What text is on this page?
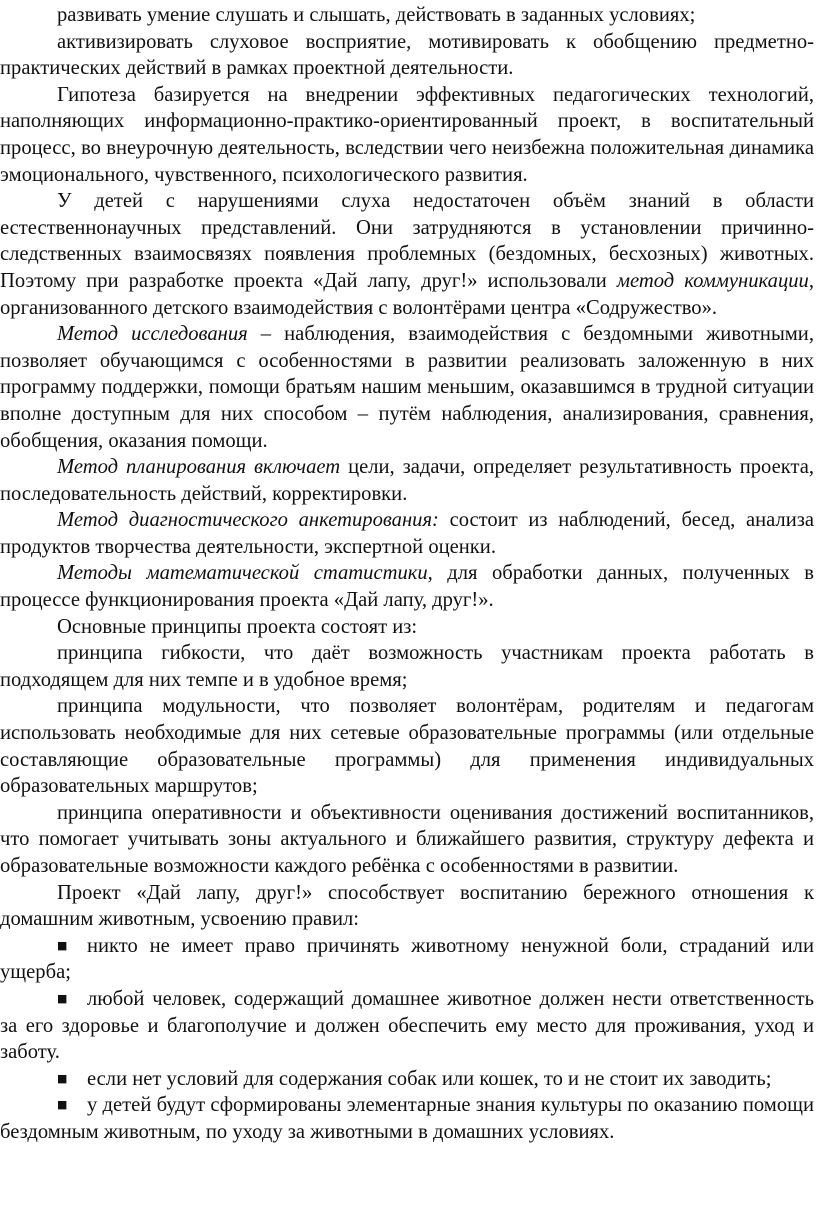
развивать умение слушать и слышать, действовать в заданных условиях;

активизировать слуховое восприятие, мотивировать к обобщению предметно-практических действий в рамках проектной деятельности.

Гипотеза базируется на внедрении эффективных педагогических технологий, наполняющих информационно-практико-ориентированный проект, в воспитательный процесс, во внеурочную деятельность, вследствии чего неизбежна положительная динамика эмоционального, чувственного, психологического развития.

У детей с нарушениями слуха недостаточен объём знаний в области естественнонаучных представлений. Они затрудняются в установлении причинно-следственных взаимосвязях появления проблемных (бездомных, бесхозных) животных. Поэтому при разработке проекта «Дай лапу, друг!» использовали метод коммуникации, организованного детского взаимодействия с волонтёрами центра «Содружество».

Метод исследования – наблюдения, взаимодействия с бездомными животными, позволяет обучающимся с особенностями в развитии реализовать заложенную в них программу поддержки, помощи братьям нашим меньшим, оказавшимся в трудной ситуации вполне доступным для них способом – путём наблюдения, анализирования, сравнения, обобщения, оказания помощи.

Метод планирования включает цели, задачи, определяет результативность проекта, последовательность действий, корректировки.

Метод диагностического анкетирования: состоит из наблюдений, бесед, анализа продуктов творчества деятельности, экспертной оценки.

Методы математической статистики, для обработки данных, полученных в процессе функционирования проекта «Дай лапу, друг!».

Основные принципы проекта состоят из:

принципа гибкости, что даёт возможность участникам проекта работать в подходящем для них темпе и в удобное время;

принципа модульности, что позволяет волонтёрам, родителям и педагогам использовать необходимые для них сетевые образовательные программы (или отдельные составляющие образовательные программы) для применения индивидуальных образовательных маршрутов;

принципа оперативности и объективности оценивания достижений воспитанников, что помогает учитывать зоны актуального и ближайшего развития, структуру дефекта и образовательные возможности каждого ребёнка с особенностями в развитии.

Проект «Дай лапу, друг!» способствует воспитанию бережного отношения к домашним животным, усвоению правил:

■ никто не имеет право причинять животному ненужной боли, страданий или ущерба;

■ любой человек, содержащий домашнее животное должен нести ответственность за его здоровье и благополучие и должен обеспечить ему место для проживания, уход и заботу.

■ если нет условий для содержания собак или кошек, то и не стоит их заводить;

■ у детей будут сформированы элементарные знания культуры по оказанию помощи бездомным животным, по уходу за животными в домашних условиях.
